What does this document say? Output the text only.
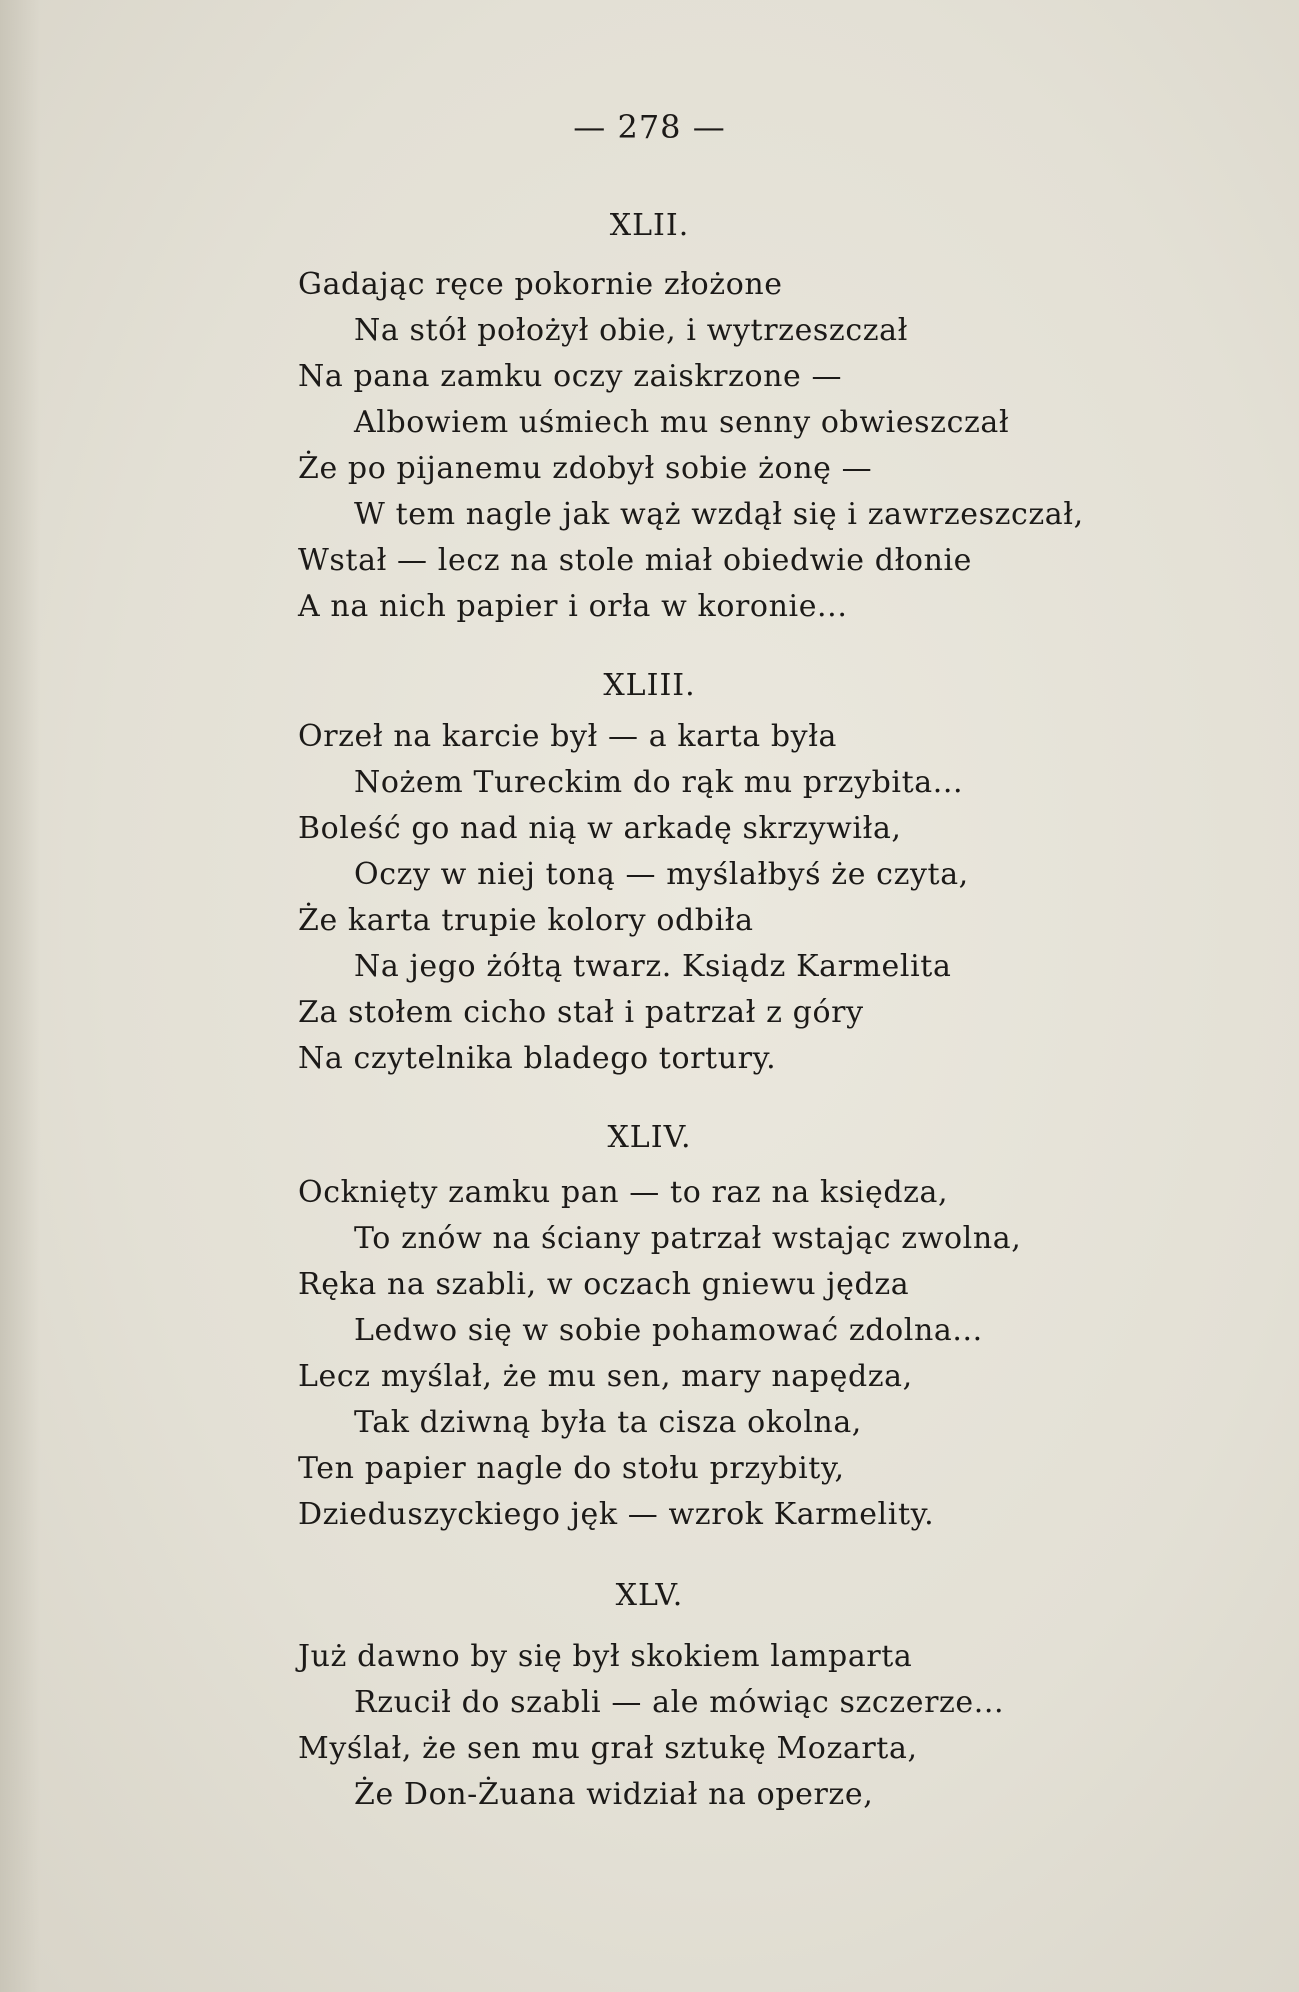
— 278 —
XLII.
Gadając ręce pokornie złożone
Na stół położył obie, i wytrzeszczał
Na pana zamku oczy zaiskrzone —
Albowiem uśmiech mu senny obwieszczał
Że po pijanemu zdobył sobie żonę —
W tem nagle jak wąż wzdął się i zawrzeszczał,
Wstał — lecz na stole miał obiedwie dłonie
A na nich papier i orła w koronie...
XLIII.
Orzeł na karcie był — a karta była
Nożem Tureckim do rąk mu przybita...
Boleść go nad nią w arkadę skrzywiła,
Oczy w niej toną — myślałbyś że czyta,
Że karta trupie kolory odbiła
Na jego żółtą twarz. Ksiądz Karmelita
Za stołem cicho stał i patrzał z góry
Na czytelnika bladego tortury.
XLIV.
Ocknięty zamku pan — to raz na księdza,
To znów na ściany patrzał wstając zwolna,
Ręka na szabli, w oczach gniewu jędza
Ledwo się w sobie pohamować zdolna...
Lecz myślał, że mu sen, mary napędza,
Tak dziwną była ta cisza okolna,
Ten papier nagle do stołu przybity,
Dzieduszyckiego jęk — wzrok Karmelity.
XLV.
Już dawno by się był skokiem lamparta
Rzucił do szabli — ale mówiąc szczerze...
Myślał, że sen mu grał sztukę Mozarta,
Że Don-Żuana widział na operze,
